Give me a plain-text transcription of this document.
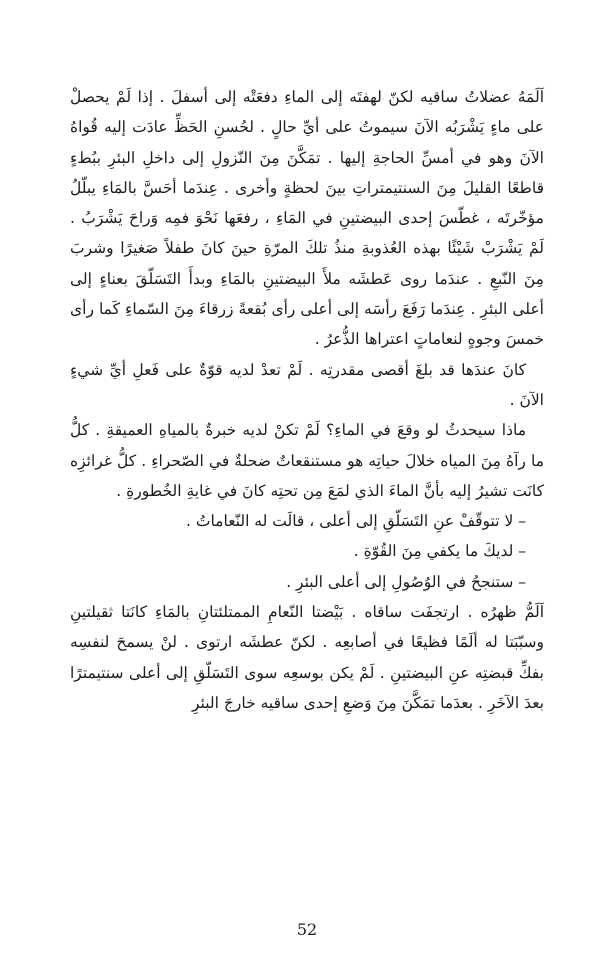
اَلَمَهُ عضلاتُ ساقيه لكنّ لهفتَه إلى الماءِ دفعَتْه إلى أسفلَ . إذا لَمْ يحصلْ على ماءٍ يَشْرَبُه الآنَ سيموتُ على أيِّ حالٍ . لحُسنِ الحَظِّ عادَت إليه قُواهُ الآنَ وهو في أمسِّ الحاجةِ إليها . تمَكَّنَ مِنَ النّزولِ إلى داخلِ البئرِ ببُطءٍ قاطعًا القليلَ مِنَ السنتيمتراتِ بينَ لحظةٍ وأخرى . عِندَما أحَسَّ بالمَاءِ يبلّلُ مؤخّرتَه ، غطّسَ إحدى البيضتينِ في المَاءِ ، رفعَها نَحْوَ فمِه وَراحَ يَشْرَبُ . لَمْ يَشْرَبْ شَيْئًا بهذه العُذوبةِ منذُ تلكَ المرّةِ حينَ كانَ طفلاً صَغيرًا وشربَ مِنَ النّبعِ . عندَما روى عَطشَه ملأَ البيضتينِ بالمَاءِ وبدأَ التَسَلّقَ بعناءٍ إلى أعلى البئرِ . عِندَما رَفَعَ رأسَه إلى أعلى رأى بُقعةً زرقاءَ مِنَ السّماءِ كَما رأى خمسَ وجوهٍ لنعاماتٍ اعتراها الذُّعرُ .

كانَ عندَها قد بلغَ أقصى مقدرتِه . لَمْ تعدْ لديه قوّةٌ على فَعلِ أيِّ شيءٍ الآنَ .

ماذا سيحدثُ لو وقعَ في الماءِ؟ لَمْ تكنْ لديه خبرةٌ بالمياهِ العميقةِ . كلُّ ما رآهُ مِنَ المياه خلالَ حياتِه هو مستنقعاتٌ ضحلةٌ في الصّحراءِ . كلُّ غرائزِه كانَت تشيرُ إليه بأنَّ الماءَ الذي لمَعَ مِن تحتِه كانَ في غايةِ الخُطورةِ .

– لا تتوقّفْ عنِ التَسَلّقِ إلى أعلى ، قالَت له النّعاماتُ .

– لديكَ ما يكفي مِنَ القُوّةِ .

– ستنجحُ في الوُصُولِ إلى أعلى البئرِ .

اَلَمُّ ظهرُه . ارتجفَت ساقاه . بَيْضتا النّعامِ الممتلئتانِ بالمَاءِ كانَتا ثقيلتينِ وسبّبَتا له ألَمًا فظيعًا في أصابعِه . لكنّ عطشَه ارتوى . لنْ يسمحَ لنفسِه بفكِّ قبضتِه عنِ البيضتينِ . لَمْ يكن بوسعِه سوى التَسَلّقِ إلى أعلى سنتيمترًا بعدَ الآخَرِ . بعدَما تمَكَّنَ مِنَ وَضعِ إحدى ساقيه خارجَ البئرِ

52
